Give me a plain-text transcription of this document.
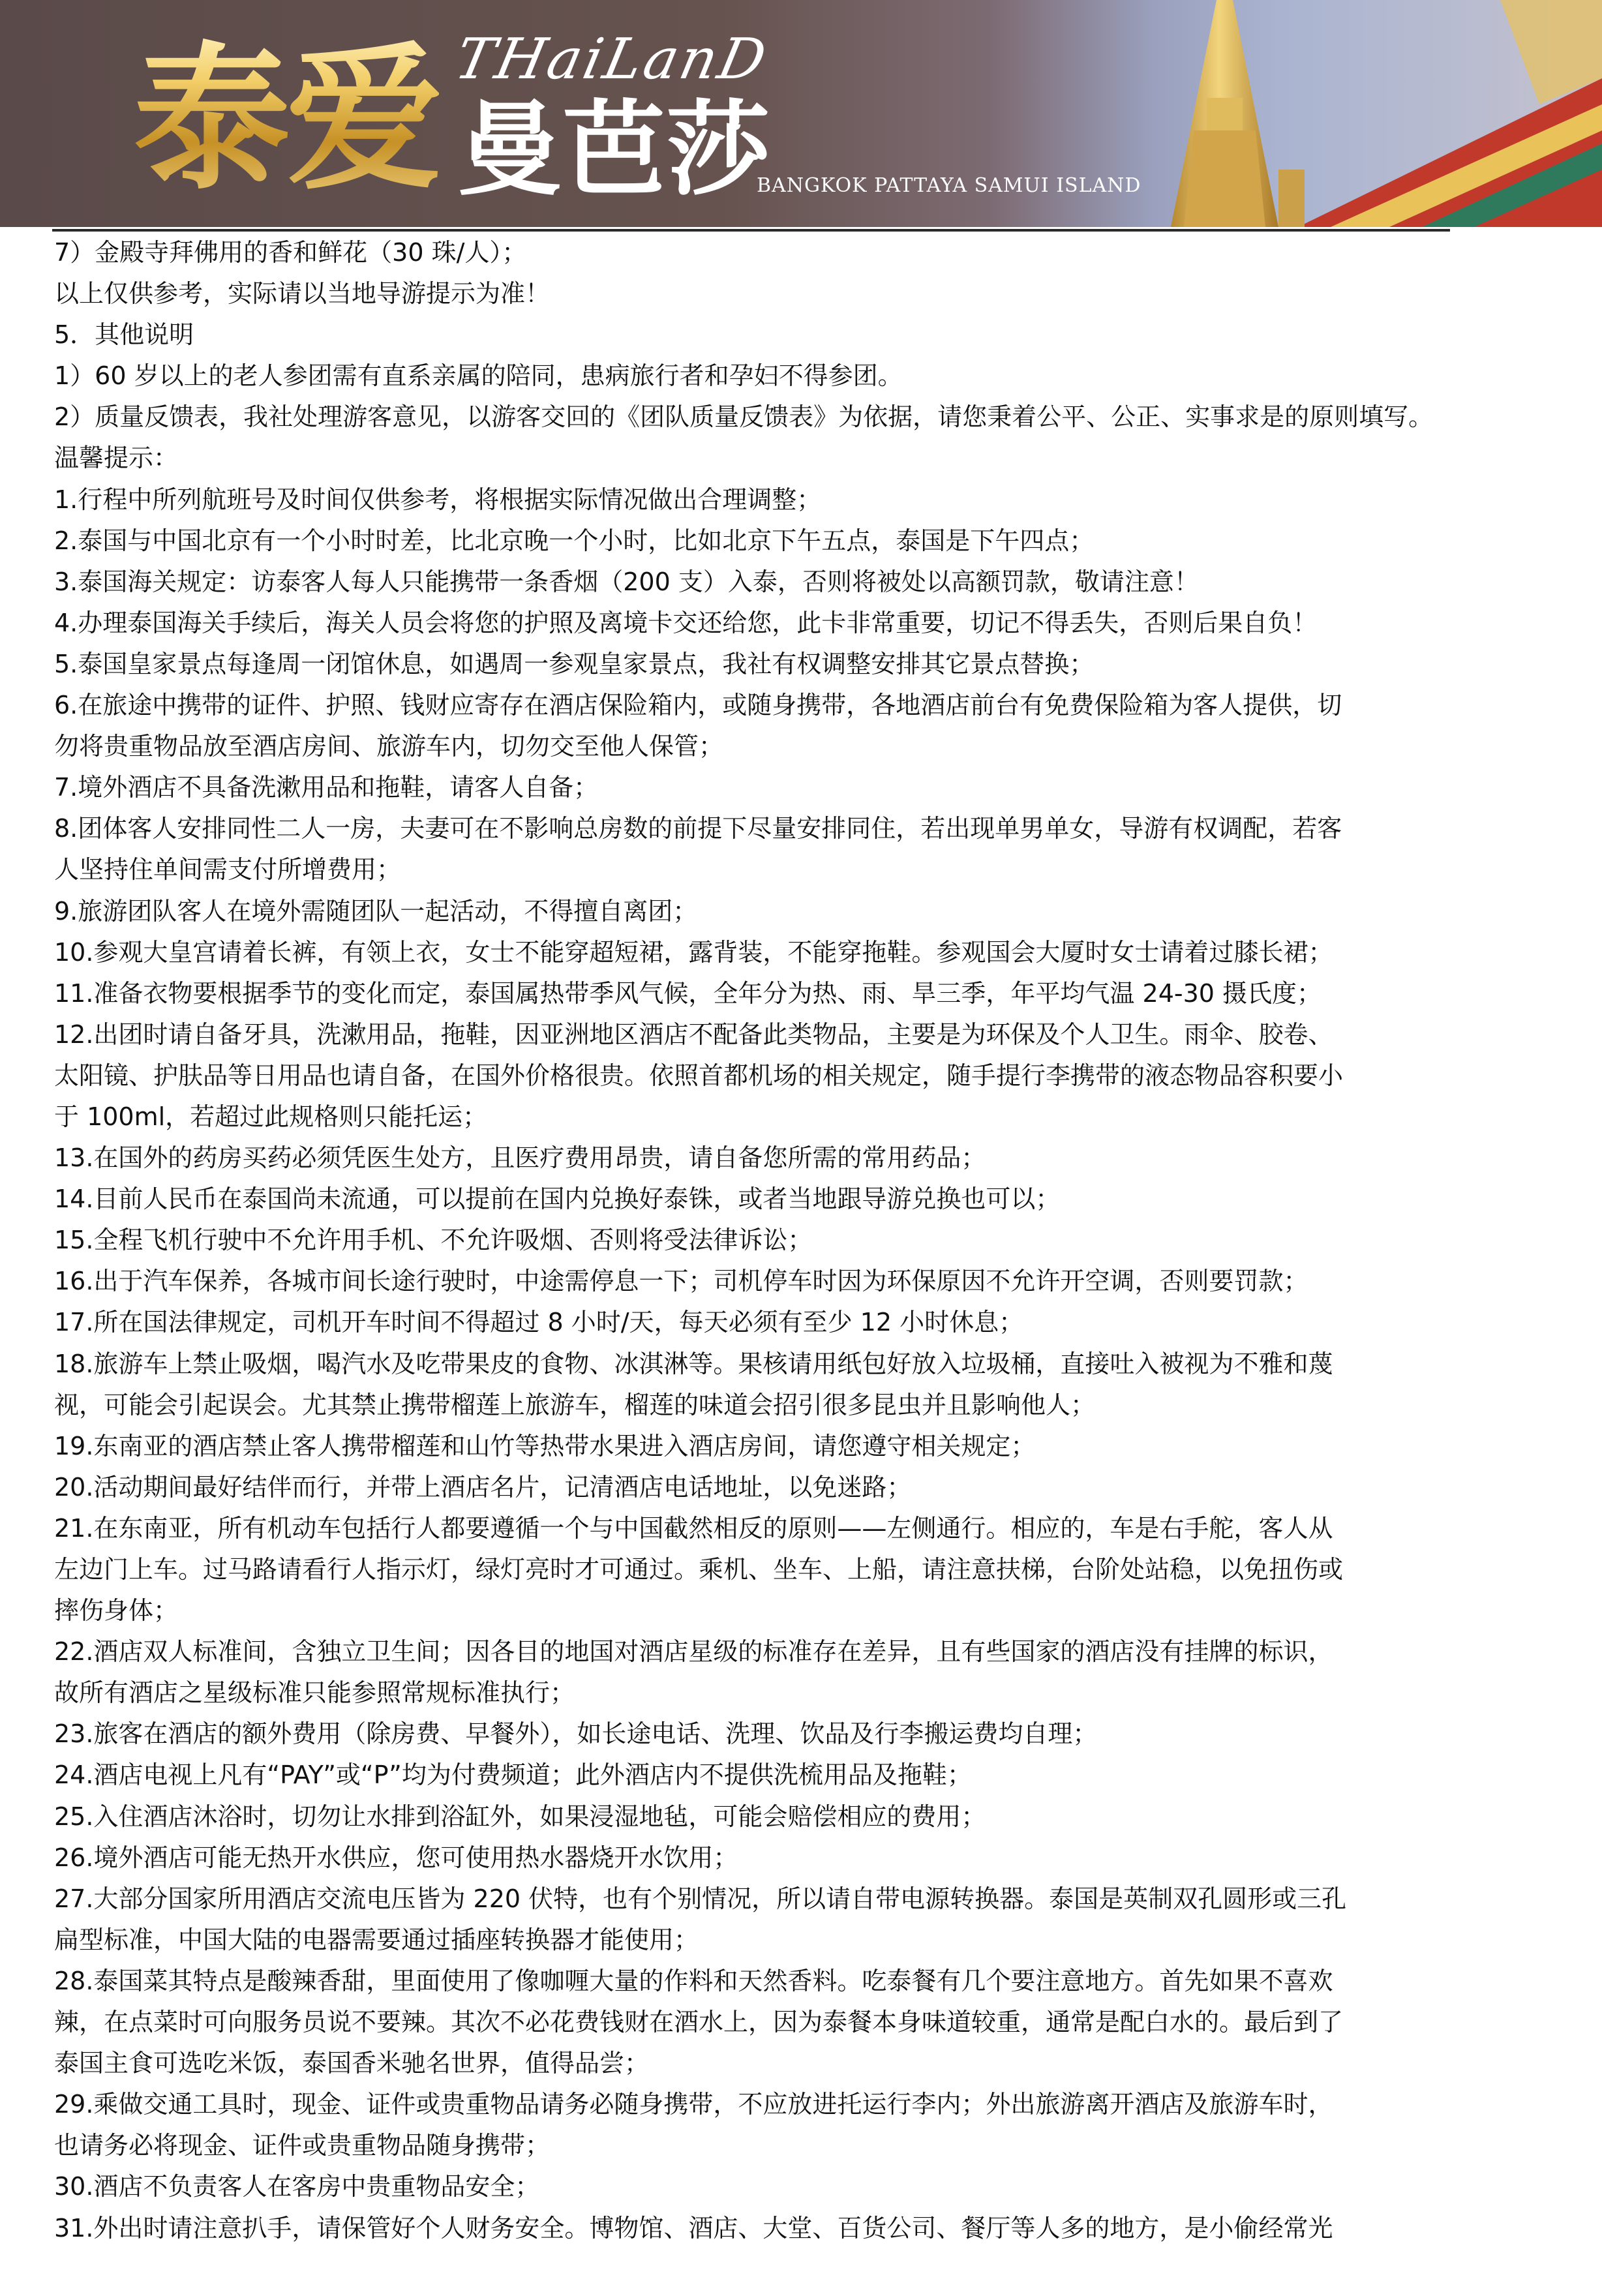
泰爱 THaiLanD
曼芭莎
BANGKOK PATTAYA SAMUI ISLAND
7）金殿寺拜佛用的香和鲜花（30 珠/人）；
以上仅供参考，实际请以当地导游提示为准！
5．其他说明
1）60 岁以上的老人参团需有直系亲属的陪同，患病旅行者和孕妇不得参团。
2）质量反馈表，我社处理游客意见，以游客交回的《团队质量反馈表》为依据，请您秉着公平、公正、实事求是的原则填写。
温馨提示：
1.行程中所列航班号及时间仅供参考，将根据实际情况做出合理调整；
2.泰国与中国北京有一个小时时差，比北京晚一个小时，比如北京下午五点，泰国是下午四点；
3.泰国海关规定：访泰客人每人只能携带一条香烟（200 支）入泰，否则将被处以高额罚款，敬请注意！
4.办理泰国海关手续后，海关人员会将您的护照及离境卡交还给您，此卡非常重要，切记不得丢失，否则后果自负！
5.泰国皇家景点每逢周一闭馆休息，如遇周一参观皇家景点，我社有权调整安排其它景点替换；
6.在旅途中携带的证件、护照、钱财应寄存在酒店保险箱内，或随身携带，各地酒店前台有免费保险箱为客人提供，切
勿将贵重物品放至酒店房间、旅游车内，切勿交至他人保管；
7.境外酒店不具备洗漱用品和拖鞋，请客人自备；
8.团体客人安排同性二人一房，夫妻可在不影响总房数的前提下尽量安排同住，若出现单男单女，导游有权调配，若客
人坚持住单间需支付所增费用；
9.旅游团队客人在境外需随团队一起活动，不得擅自离团；
10.参观大皇宫请着长裤，有领上衣，女士不能穿超短裙，露背装，不能穿拖鞋。参观国会大厦时女士请着过膝长裙；
11.准备衣物要根据季节的变化而定，泰国属热带季风气候，全年分为热、雨、旱三季，年平均气温 24-30 摄氏度；
12.出团时请自备牙具，洗漱用品，拖鞋，因亚洲地区酒店不配备此类物品，主要是为环保及个人卫生。雨伞、胶卷、
太阳镜、护肤品等日用品也请自备，在国外价格很贵。依照首都机场的相关规定，随手提行李携带的液态物品容积要小
于 100ml，若超过此规格则只能托运；
13.在国外的药房买药必须凭医生处方，且医疗费用昂贵，请自备您所需的常用药品；
14.目前人民币在泰国尚未流通，可以提前在国内兑换好泰铢，或者当地跟导游兑换也可以；
15.全程飞机行驶中不允许用手机、不允许吸烟、否则将受法律诉讼；
16.出于汽车保养，各城市间长途行驶时，中途需停息一下；司机停车时因为环保原因不允许开空调，否则要罚款；
17.所在国法律规定，司机开车时间不得超过 8 小时/天，每天必须有至少 12 小时休息；
18.旅游车上禁止吸烟，喝汽水及吃带果皮的食物、冰淇淋等。果核请用纸包好放入垃圾桶，直接吐入被视为不雅和蔑
视，可能会引起误会。尤其禁止携带榴莲上旅游车，榴莲的味道会招引很多昆虫并且影响他人；
19.东南亚的酒店禁止客人携带榴莲和山竹等热带水果进入酒店房间，请您遵守相关规定；
20.活动期间最好结伴而行，并带上酒店名片，记清酒店电话地址，以免迷路；
21.在东南亚，所有机动车包括行人都要遵循一个与中国截然相反的原则——左侧通行。相应的，车是右手舵，客人从
左边门上车。过马路请看行人指示灯，绿灯亮时才可通过。乘机、坐车、上船，请注意扶梯，台阶处站稳，以免扭伤或
摔伤身体；
22.酒店双人标准间，含独立卫生间；因各目的地国对酒店星级的标准存在差异，且有些国家的酒店没有挂牌的标识，
故所有酒店之星级标准只能参照常规标准执行；
23.旅客在酒店的额外费用（除房费、早餐外），如长途电话、洗理、饮品及行李搬运费均自理；
24.酒店电视上凡有“PAY”或“P”均为付费频道；此外酒店内不提供洗梳用品及拖鞋；
25.入住酒店沐浴时，切勿让水排到浴缸外，如果浸湿地毡，可能会赔偿相应的费用；
26.境外酒店可能无热开水供应，您可使用热水器烧开水饮用；
27.大部分国家所用酒店交流电压皆为 220 伏特，也有个别情况，所以请自带电源转换器。泰国是英制双孔圆形或三孔
扁型标准，中国大陆的电器需要通过插座转换器才能使用；
28.泰国菜其特点是酸辣香甜，里面使用了像咖喱大量的作料和天然香料。吃泰餐有几个要注意地方。首先如果不喜欢
辣，在点菜时可向服务员说不要辣。其次不必花费钱财在酒水上，因为泰餐本身味道较重，通常是配白水的。最后到了
泰国主食可选吃米饭，泰国香米驰名世界，值得品尝；
29.乘做交通工具时，现金、证件或贵重物品请务必随身携带，不应放进托运行李内；外出旅游离开酒店及旅游车时，
也请务必将现金、证件或贵重物品随身携带；
30.酒店不负责客人在客房中贵重物品安全；
31.外出时请注意扒手，请保管好个人财务安全。博物馆、酒店、大堂、百货公司、餐厅等人多的地方，是小偷经常光
